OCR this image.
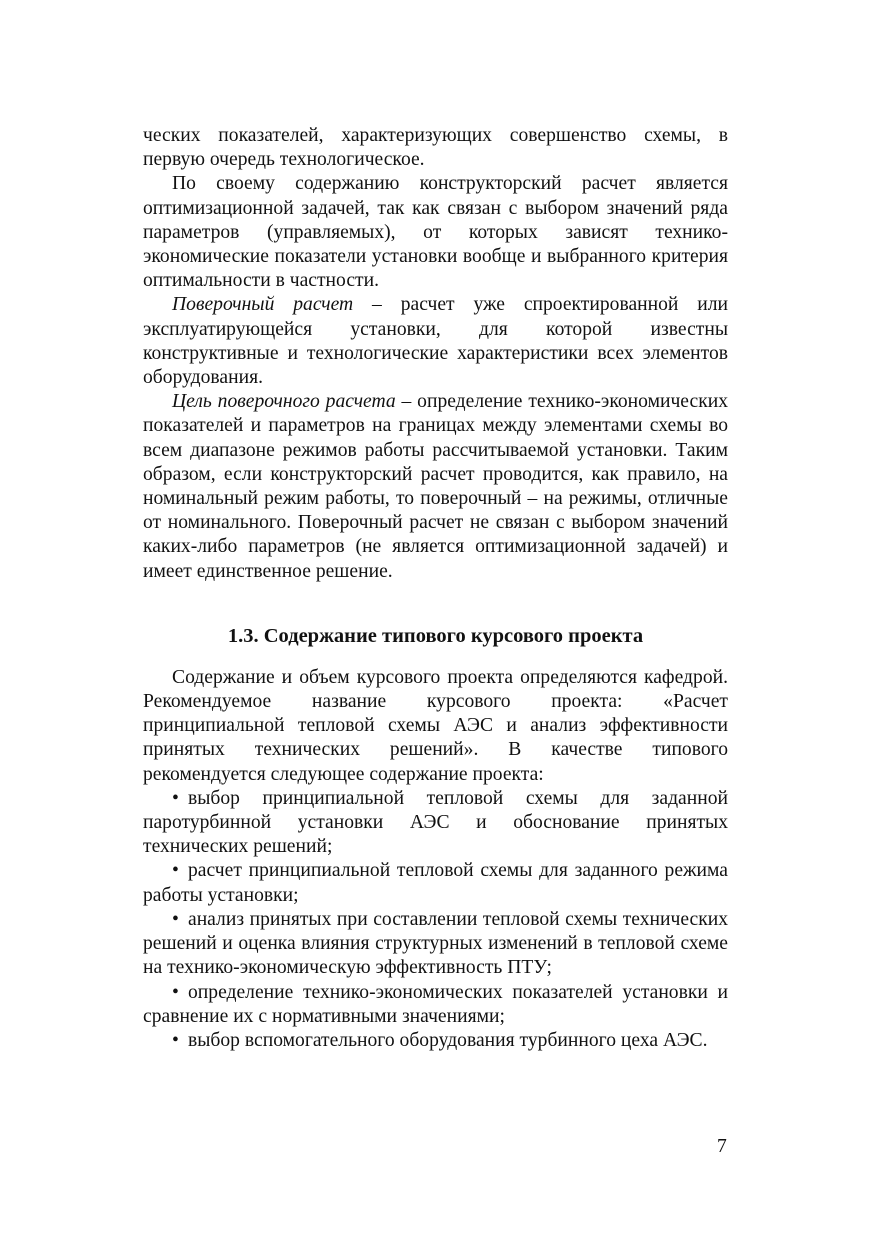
ческих показателей, характеризующих совершенство схемы, в первую очередь технологическое.

По своему содержанию конструкторский расчет является оптимизационной задачей, так как связан с выбором значений ряда параметров (управляемых), от которых зависят технико-экономические показатели установки вообще и выбранного критерия оптимальности в частности.

Поверочный расчет – расчет уже спроектированной или эксплуатирующейся установки, для которой известны конструктивные и технологические характеристики всех элементов оборудования.

Цель поверочного расчета – определение технико-экономических показателей и параметров на границах между элементами схемы во всем диапазоне режимов работы рассчитываемой установки. Таким образом, если конструкторский расчет проводится, как правило, на номинальный режим работы, то поверочный – на режимы, отличные от номинального. Поверочный расчет не связан с выбором значений каких-либо параметров (не является оптимизационной задачей) и имеет единственное решение.

1.3. Содержание типового курсового проекта

Содержание и объем курсового проекта определяются кафедрой. Рекомендуемое название курсового проекта: «Расчет принципиальной тепловой схемы АЭС и анализ эффективности принятых технических решений». В качестве типового рекомендуется следующее содержание проекта:

• выбор принципиальной тепловой схемы для заданной паротурбинной установки АЭС и обоснование принятых технических решений;

• расчет принципиальной тепловой схемы для заданного режима работы установки;

• анализ принятых при составлении тепловой схемы технических решений и оценка влияния структурных изменений в тепловой схеме на технико-экономическую эффективность ПТУ;

• определение технико-экономических показателей установки и сравнение их с нормативными значениями;

• выбор вспомогательного оборудования турбинного цеха АЭС.

7
